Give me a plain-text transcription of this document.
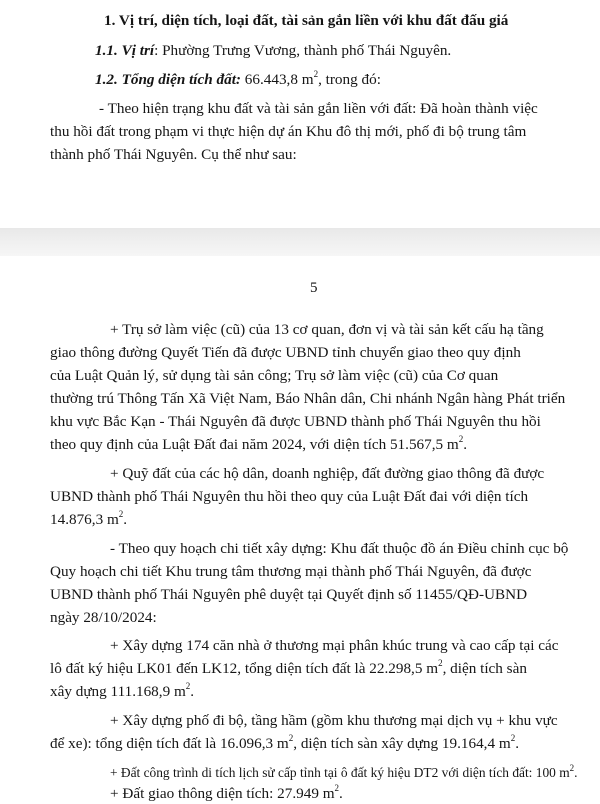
1. Vị trí, diện tích, loại đất, tài sản gắn liền với khu đất đấu giá
1.1. Vị trí: Phường Trưng Vương, thành phố Thái Nguyên.
1.2. Tổng diện tích đất: 66.443,8 $m^2$, trong đó:
- Theo hiện trạng khu đất và tài sản gắn liền với đất: Đã hoàn thành việc
thu hồi đất trong phạm vi thực hiện dự án Khu đô thị mới, phố đi bộ trung tâm
thành phố Thái Nguyên. Cụ thể như sau:
5
+ Trụ sở làm việc (cũ) của 13 cơ quan, đơn vị và tài sản kết cấu hạ tầng
giao thông đường Quyết Tiến đã được UBND tỉnh chuyển giao theo quy định
của Luật Quản lý, sử dụng tài sản công; Trụ sở làm việc (cũ) của Cơ quan
thường trú Thông Tấn Xã Việt Nam, Báo Nhân dân, Chi nhánh Ngân hàng Phát triển
khu vực Bắc Kạn - Thái Nguyên đã được UBND thành phố Thái Nguyên thu hồi
theo quy định của Luật Đất đai năm 2024, với diện tích 51.567,5 $m^2$.
+ Quỹ đất của các hộ dân, doanh nghiệp, đất đường giao thông đã được
UBND thành phố Thái Nguyên thu hồi theo quy của Luật Đất đai với diện tích
14.876,3 $m^2$.
- Theo quy hoạch chi tiết xây dựng: Khu đất thuộc đồ án Điều chỉnh cục bộ
Quy hoạch chi tiết Khu trung tâm thương mại thành phố Thái Nguyên, đã được
UBND thành phố Thái Nguyên phê duyệt tại Quyết định số 11455/QĐ-UBND
ngày 28/10/2024:
+ Xây dựng 174 căn nhà ở thương mại phân khúc trung và cao cấp tại các
lô đất ký hiệu LK01 đến LK12, tổng diện tích đất là 22.298,5 $m^2$, diện tích sàn
xây dựng 111.168,9 $m^2$.
+ Xây dựng phố đi bộ, tầng hầm (gồm khu thương mại dịch vụ + khu vực
để xe): tổng diện tích đất là 16.096,3 $m^2$, diện tích sàn xây dựng 19.164,4 $m^2$.
+ Đất công trình di tích lịch sử cấp tỉnh tại ô đất ký hiệu DT2 với diện tích đất: 100 $m^2$.
+ Đất giao thông diện tích: 27.949 $m^2$.
